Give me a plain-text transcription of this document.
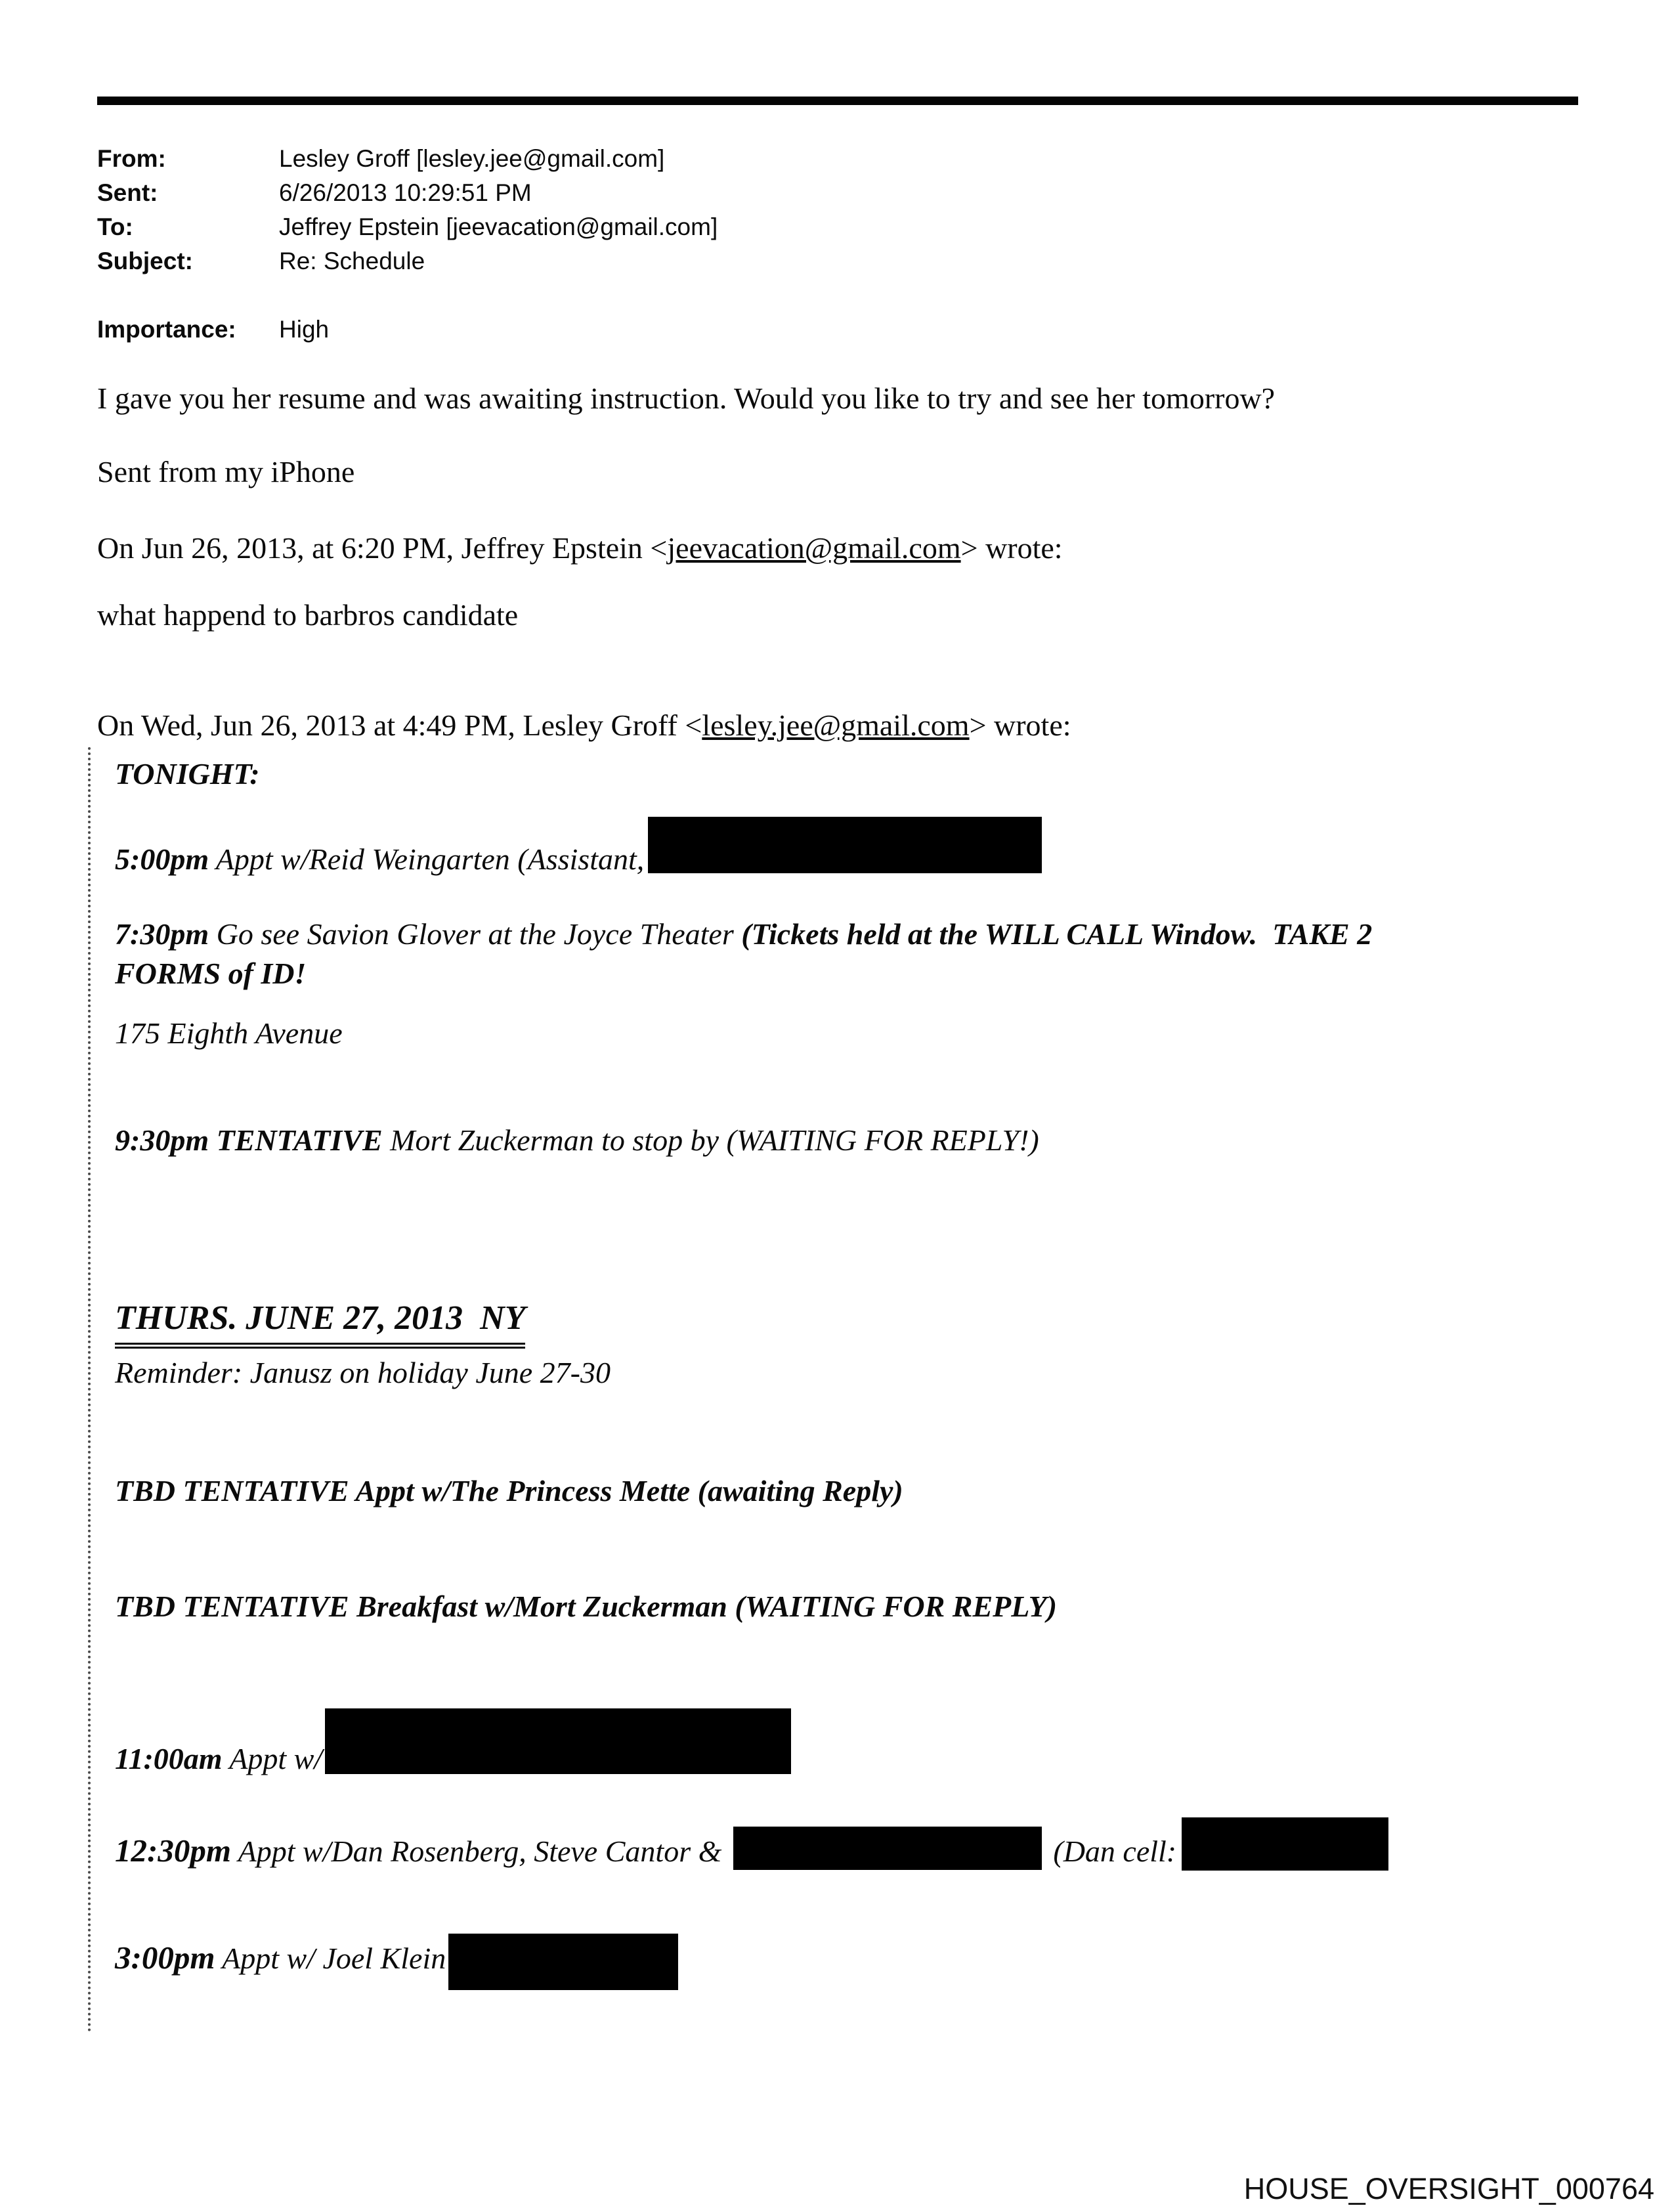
From:	Lesley Groff [lesley.jee@gmail.com]
Sent:	6/26/2013 10:29:51 PM
To:	Jeffrey Epstein [jeevacation@gmail.com]
Subject:	Re: Schedule
Importance: High
I gave you her resume and was awaiting instruction. Would you like to try and see her tomorrow?
Sent from my iPhone
On Jun 26, 2013, at 6:20 PM, Jeffrey Epstein <jeevacation@gmail.com> wrote:
what happend to barbros candidate
On Wed, Jun 26, 2013 at 4:49 PM, Lesley Groff <lesley.jee@gmail.com> wrote:
TONIGHT:
5:00pm Appt w/Reid Weingarten (Assistant,
7:30pm Go see Savion Glover at the Joyce Theater (Tickets held at the WILL CALL Window.  TAKE 2
FORMS of ID!
175 Eighth Avenue
9:30pm TENTATIVE Mort Zuckerman to stop by (WAITING FOR REPLY!)
THURS. JUNE 27, 2013  NY
Reminder: Janusz on holiday June 27-30
TBD TENTATIVE Appt w/The Princess Mette (awaiting Reply)
TBD TENTATIVE Breakfast w/Mort Zuckerman (WAITING FOR REPLY)
11:00am Appt w/
12:30pm Appt w/Dan Rosenberg, Steve Cantor &	(Dan cell:
3:00pm Appt w/ Joel Klein
HOUSE_OVERSIGHT_000764
